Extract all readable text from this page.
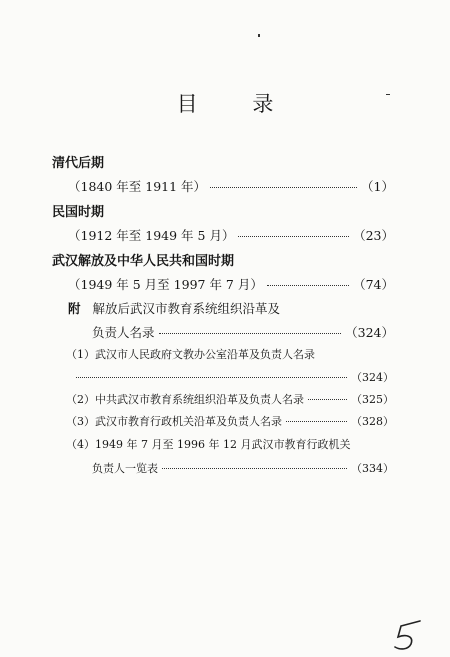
目 录
清代后期
（1840 年至 1911 年）	（1）
民国时期
（1912 年至 1949 年 5 月）	（23）
武汉解放及中华人民共和国时期
（1949 年 5 月至 1997 年 7 月）	（74）
附 解放后武汉市教育系统组织沿革及
负责人名录	（324）
（1）武汉市人民政府文教办公室沿革及负责人名录
（324）
（2）中共武汉市教育系统组织沿革及负责人名录	（325）
（3）武汉市教育行政机关沿革及负责人名录	（328）
（4）1949 年 7 月至 1996 年 12 月武汉市教育行政机关
负责人一览表	（334）
